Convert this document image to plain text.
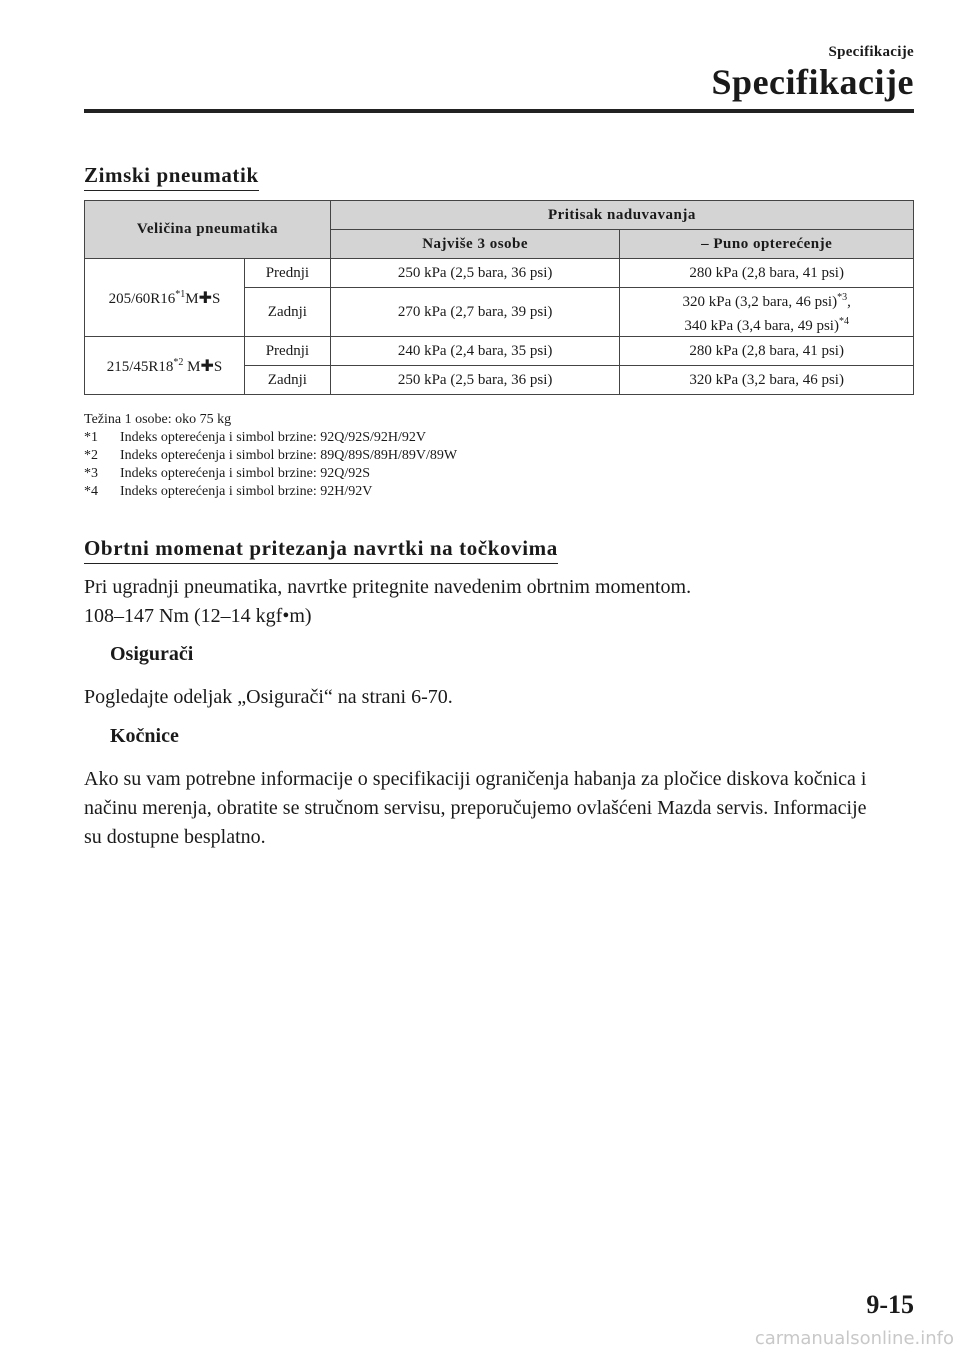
Specifikacije
Specifikacije
Zimski pneumatik
Veličina pneumatika		Pritisak naduvavanja	
		Najviše 3 osobe	– Puno opterećenje
205/60R16$^{*1}$M✚S	Prednji	250 kPa (2,5 bara, 36 psi)	280 kPa (2,8 bara, 41 psi)
	Zadnji	270 kPa (2,7 bara, 39 psi)	320 kPa (3,2 bara, 46 psi)$^{*3}$,
340 kPa (3,4 bara, 49 psi)$^{*4}$
215/45R18$^{*2}$ M✚S	Prednji	240 kPa (2,4 bara, 35 psi)	280 kPa (2,8 bara, 41 psi)
	Zadnji	250 kPa (2,5 bara, 36 psi)	320 kPa (3,2 bara, 46 psi)
Težina 1 osobe: oko 75 kg
*1	Indeks opterećenja i simbol brzine: 92Q/92S/92H/92V
*2	Indeks opterećenja i simbol brzine: 89Q/89S/89H/89V/89W
*3	Indeks opterećenja i simbol brzine: 92Q/92S
*4	Indeks opterećenja i simbol brzine: 92H/92V
Obrtni momenat pritezanja navrtki na točkovima
Pri ugradnji pneumatika, navrtke pritegnite navedenim obrtnim momentom.
108–147 Nm (12–14 kgf•m)
Osigurači
Pogledajte odeljak „Osigurači“ na strani 6-70.
Kočnice
Ako su vam potrebne informacije o specifikaciji ograničenja habanja za pločice diskova kočnica i načinu merenja, obratite se stručnom servisu, preporučujemo ovlašćeni Mazda servis. Informacije su dostupne besplatno.
9-15
carmanualsonline.info
